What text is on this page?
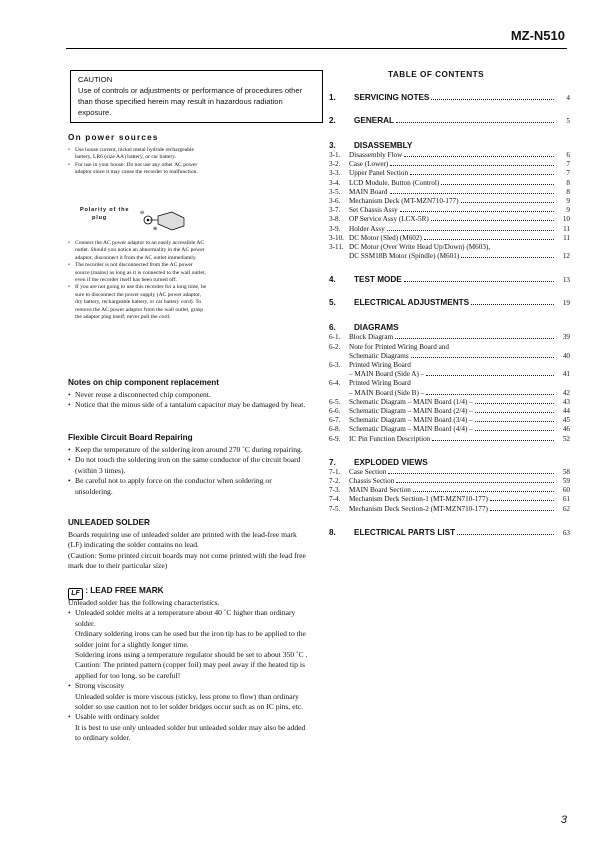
MZ-N510
CAUTION
Use of controls or adjustments or performance of procedures other than those specified herein may result in hazardous radiation exposure.
On power sources
• Use house current, nickel metal hydride rechargeable battery, LR6 (size AA) battery, or car battery.
• For use in your house: Do not use any other AC power adaptor since it may cause the recorder to malfunction.
Polarity of the
plug
⊖
⊕
• Connect the AC power adaptor to an easily accessible AC outlet. Should you notice an abnormality in the AC power adaptor, disconnect it from the AC outlet immediately.
• The recorder is not disconnected from the AC power source (mains) as long as it is connected to the wall outlet, even if the recorder itself has been turned off.
• If you are not going to use this recorder for a long time, be sure to disconnect the power supply (AC power adaptor, dry battery, rechargeable battery, or car battery cord). To remove the AC power adaptor from the wall outlet, grasp the adaptor plug itself; never pull the cord.
Notes on chip component replacement
• Never reuse a disconnected chip component.
• Notice that the minus side of a tantalum capacitor may be damaged by heat.
Flexible Circuit Board Repairing
• Keep the temperature of the soldering iron around 270 ˚C during repairing.
• Do not touch the soldering iron on the same conductor of the circuit board (within 3 times).
• Be careful not to apply force on the conductor when soldering or unsoldering.
UNLEADED SOLDER
Boards requiring use of unleaded solder are printed with the lead-free mark (LF) indicating the solder contains no lead.
(Caution: Some printed circuit boards may not come printed with the lead free mark due to their particular size)
LF : LEAD FREE MARK
Unleaded solder has the following characteristics.
• Unleaded solder melts at a temperature about 40 ˚C higher than ordinary solder.
Ordinary soldering irons can be used but the iron tip has to be applied to the solder joint for a slightly longer time.
Soldering irons using a temperature regulator should be set to about 350 ˚C .
Caution: The printed pattern (copper foil) may peel away if the heated tip is applied for too long, so be careful!
• Strong viscosity
Unleaded solder is more viscous (sticky, less prone to flow) than ordinary solder so use caution not to let solder bridges occur such as on IC pins, etc.
• Usable with ordinary solder
It is best to use only unleaded solder but unleaded solder may also be added to ordinary solder.
TABLE OF CONTENTS
1.	SERVICING NOTES	4
2.	GENERAL	5
3.	DISASSEMBLY
3-1.	Disassembly Flow	6
3-2.	Case (Lower)	7
3-3.	Upper Panel Section	7
3-4.	LCD Module, Button (Control)	8
3-5.	MAIN Board	8
3-6.	Mechanism Deck (MT-MZN710-177)	9
3-7.	Set Chassis Assy	9
3-8.	OP Service Assy (LCX-5R)	10
3-9.	Holder Assy	11
3-10. DC Motor (Sled) (M602)	11
3-11. DC Motor (Over Write Head Up/Down) (M603),
DC SSM18B Motor (Spindle) (M601)	12
4.	TEST MODE	13
5.	ELECTRICAL ADJUSTMENTS	19
6.	DIAGRAMS
6-1.	Block Diagram	39
6-2.	Note for Printed Wiring Board and
Schematic Diagrams	40
6-3.	Printed Wiring Board
– MAIN Board (Side A) –	41
6-4.	Printed Wiring Board
– MAIN Board (Side B) –	42
6-5.	Schematic Diagram – MAIN Board (1/4) –	43
6-6.	Schematic Diagram – MAIN Board (2/4) –	44
6-7.	Schematic Diagram – MAIN Board (3/4) –	45
6-8.	Schematic Diagram – MAIN Board (4/4) –	46
6-9.	IC Pin Function Description	52
7.	EXPLODED VIEWS
7-1.	Case Section	58
7-2.	Chassis Section	59
7-3.	MAIN Board Section	60
7-4.	Mechanism Deck Section-1 (MT-MZN710-177)	61
7-5.	Mechanism Deck Section-2 (MT-MZN710-177)	62
8.	ELECTRICAL PARTS LIST	63
3
